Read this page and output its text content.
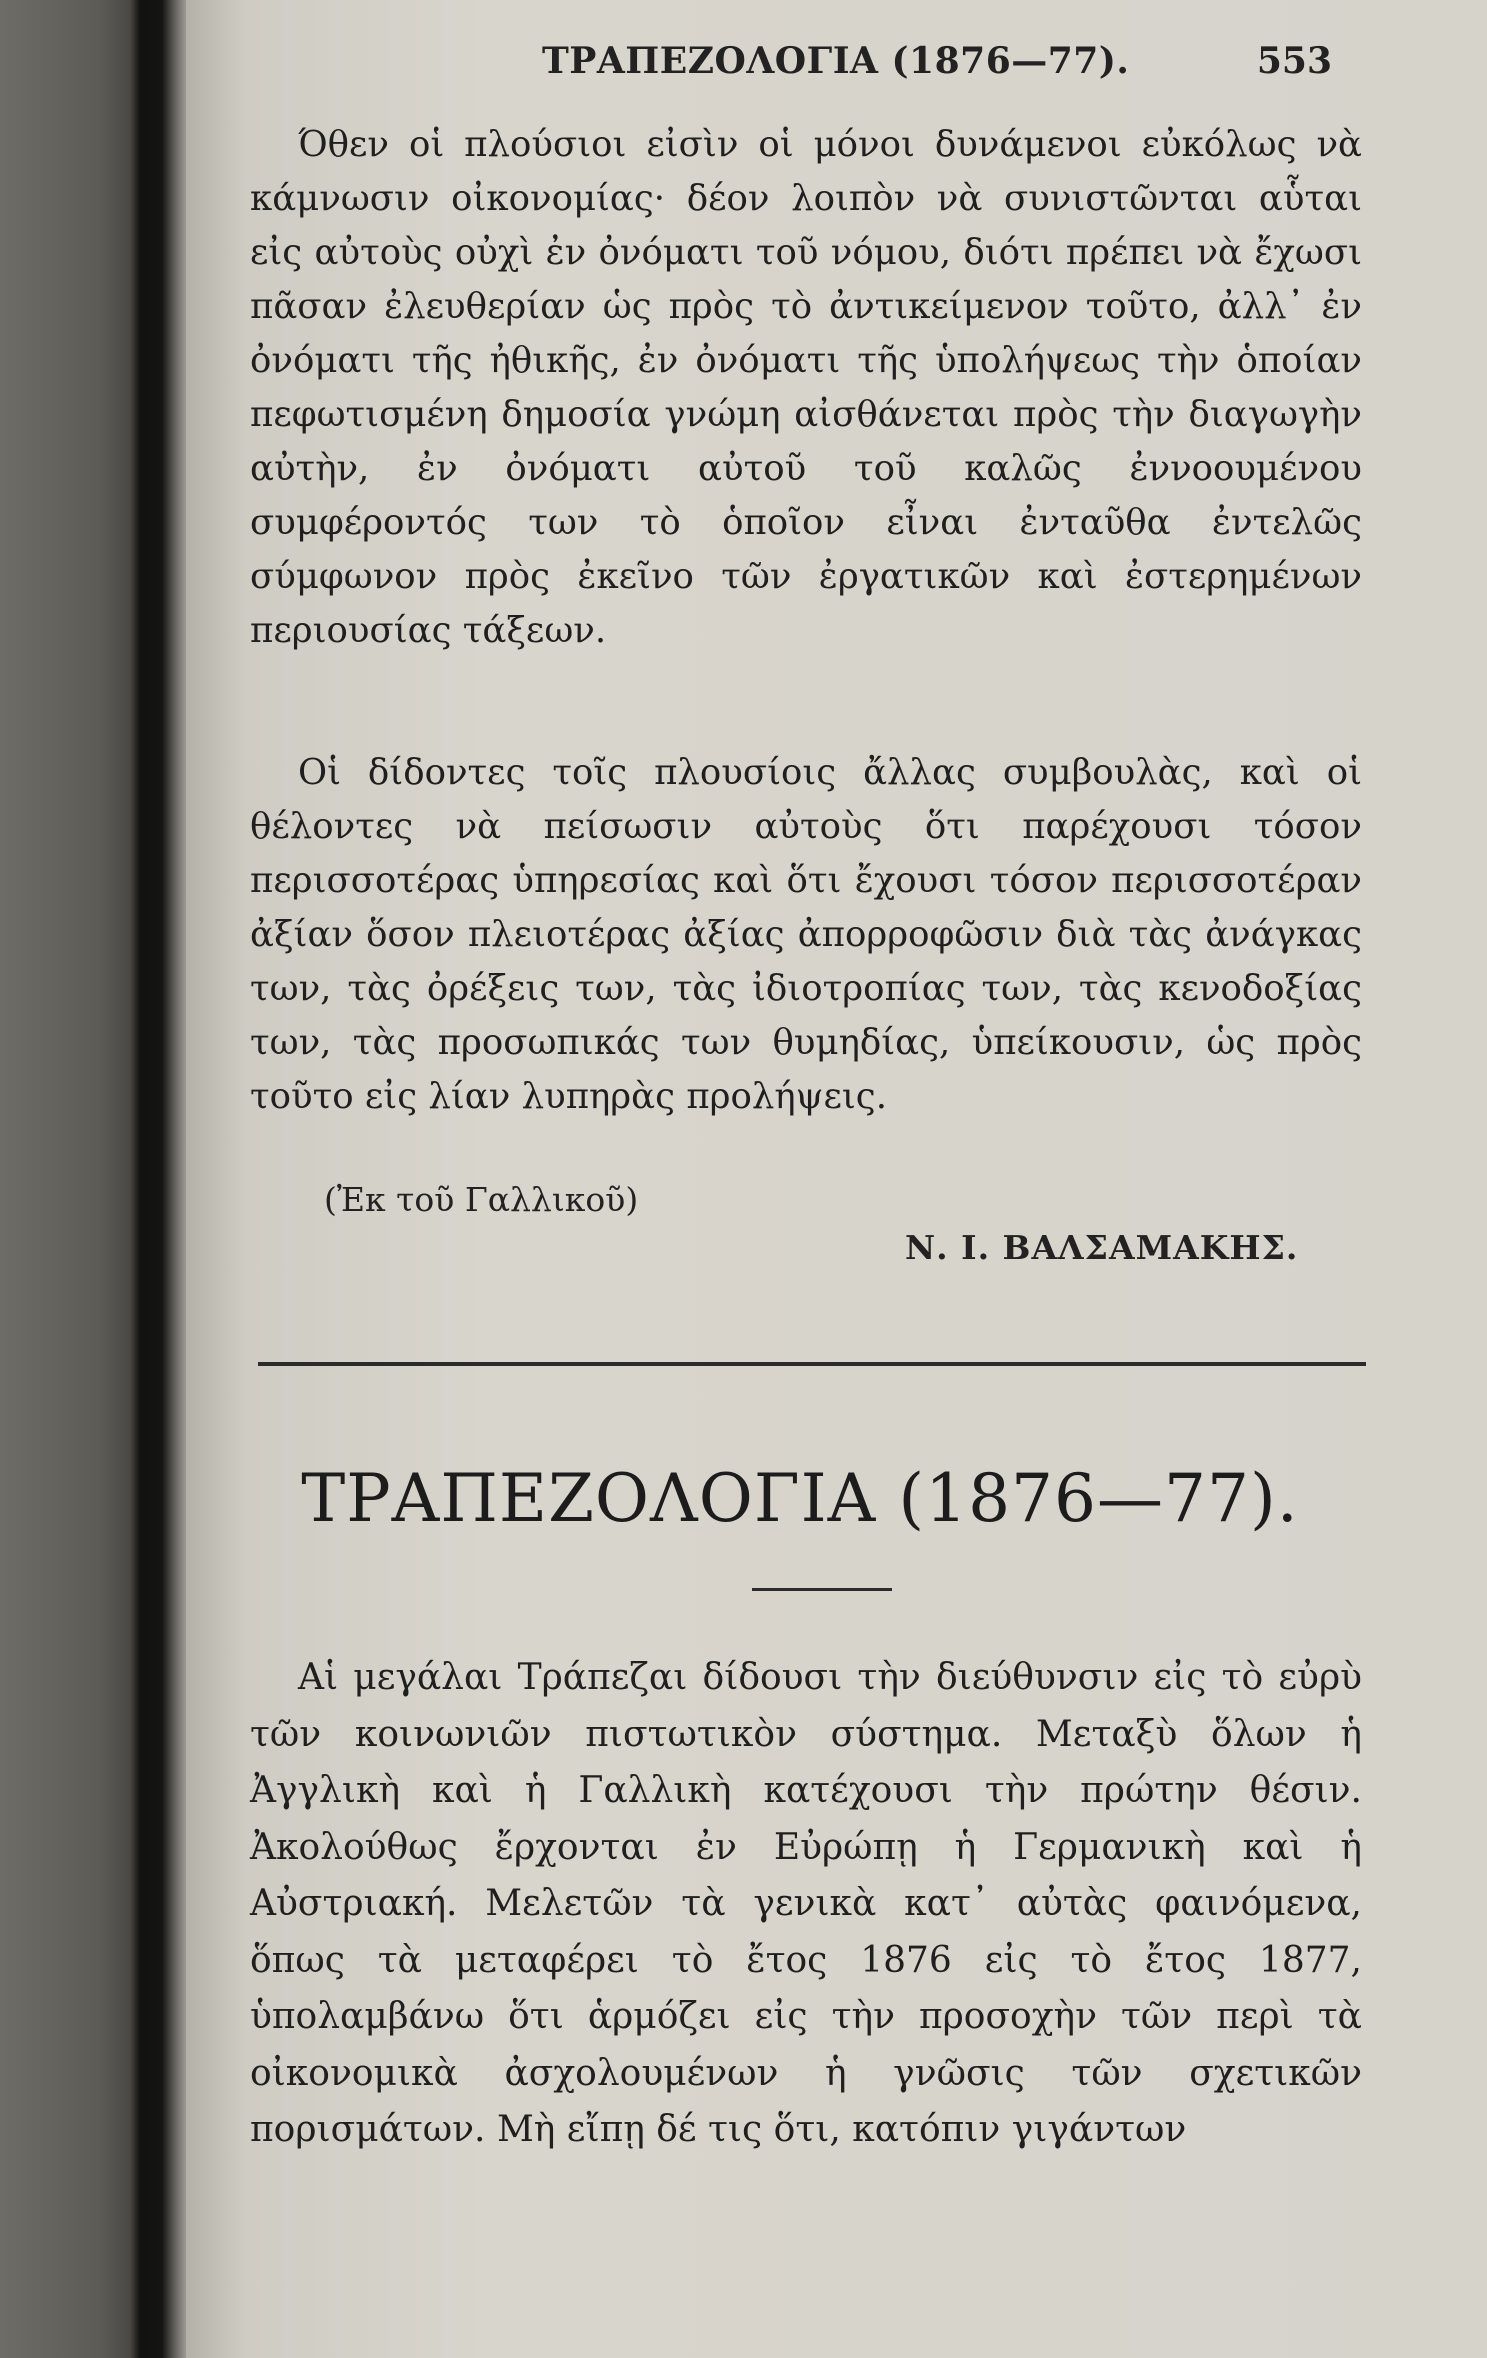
ΤΡΑΠΕΖΟΛΟΓΙΑ (1876—77).	553

Όθεν οἱ πλούσιοι εἰσὶν οἱ μόνοι δυνάμενοι εὐκόλως νὰ κάμνωσιν οἰκονομίας· δέον λοιπὸν νὰ συνιστῶνται αὗται εἰς αὐτοὺς οὐχὶ ἐν ὀνόματι τοῦ νόμου, διότι πρέπει νὰ ἔχωσι πᾶσαν ἐλευθερίαν ὡς πρὸς τὸ ἀντικείμενον τοῦτο, ἀλλ᾿ ἐν ὀνόματι τῆς ἠθικῆς, ἐν ὀνόματι τῆς ὑπολήψεως τὴν ὁποίαν πεφωτισμένη δημοσία γνώμη αἰσθάνεται πρὸς τὴν διαγωγὴν αὐτὴν, ἐν ὀνόματι αὐτοῦ τοῦ καλῶς ἐννοουμένου συμφέροντός των τὸ ὁποῖον εἶναι ἐνταῦθα ἐντελῶς σύμφωνον πρὸς ἐκεῖνο τῶν ἐργατικῶν καὶ ἐστερημένων περιουσίας τάξεων.

Οἱ δίδοντες τοῖς πλουσίοις ἄλλας συμβουλὰς, καὶ οἱ θέλοντες νὰ πείσωσιν αὐτοὺς ὅτι παρέχουσι τόσον περισσοτέρας ὑπηρεσίας καὶ ὅτι ἔχουσι τόσον περισσοτέραν ἀξίαν ὅσον πλειοτέρας ἀξίας ἀπορροφῶσιν διὰ τὰς ἀνάγκας των, τὰς ὀρέξεις των, τὰς ἰδιοτροπίας των, τὰς κενοδοξίας των, τὰς προσωπικάς των θυμηδίας, ὑπείκουσιν, ὡς πρὸς τοῦτο εἰς λίαν λυπηρὰς προλήψεις.

(Ἐκ τοῦ Γαλλικοῦ)
Ν. Ι. ΒΑΛΣΑΜΑΚΗΣ.
ΤΡΑΠΕΖΟΛΟΓΙΑ (1876—77).

Αἱ μεγάλαι Τράπεζαι δίδουσι τὴν διεύθυνσιν εἰς τὸ εὐρὺ τῶν κοινωνιῶν πιστωτικὸν σύστημα. Μεταξὺ ὅλων ἡ Ἀγγλικὴ καὶ ἡ Γαλλικὴ κατέχουσι τὴν πρώτην θέσιν. Ἀκολούθως ἔρχονται ἐν Εὐρώπῃ ἡ Γερμανικὴ καὶ ἡ Αὐστριακή. Μελετῶν τὰ γενικὰ κατ᾿ αὐτὰς φαινόμενα, ὅπως τὰ μεταφέρει τὸ ἔτος 1876 εἰς τὸ ἔτος 1877, ὑπολαμβάνω ὅτι ἁρμόζει εἰς τὴν προσοχὴν τῶν περὶ τὰ οἰκονομικὰ ἀσχολουμένων ἡ γνῶσις τῶν σχετικῶν πορισμάτων. Μὴ εἴπῃ δέ τις ὅτι, κατόπιν γιγάντων
